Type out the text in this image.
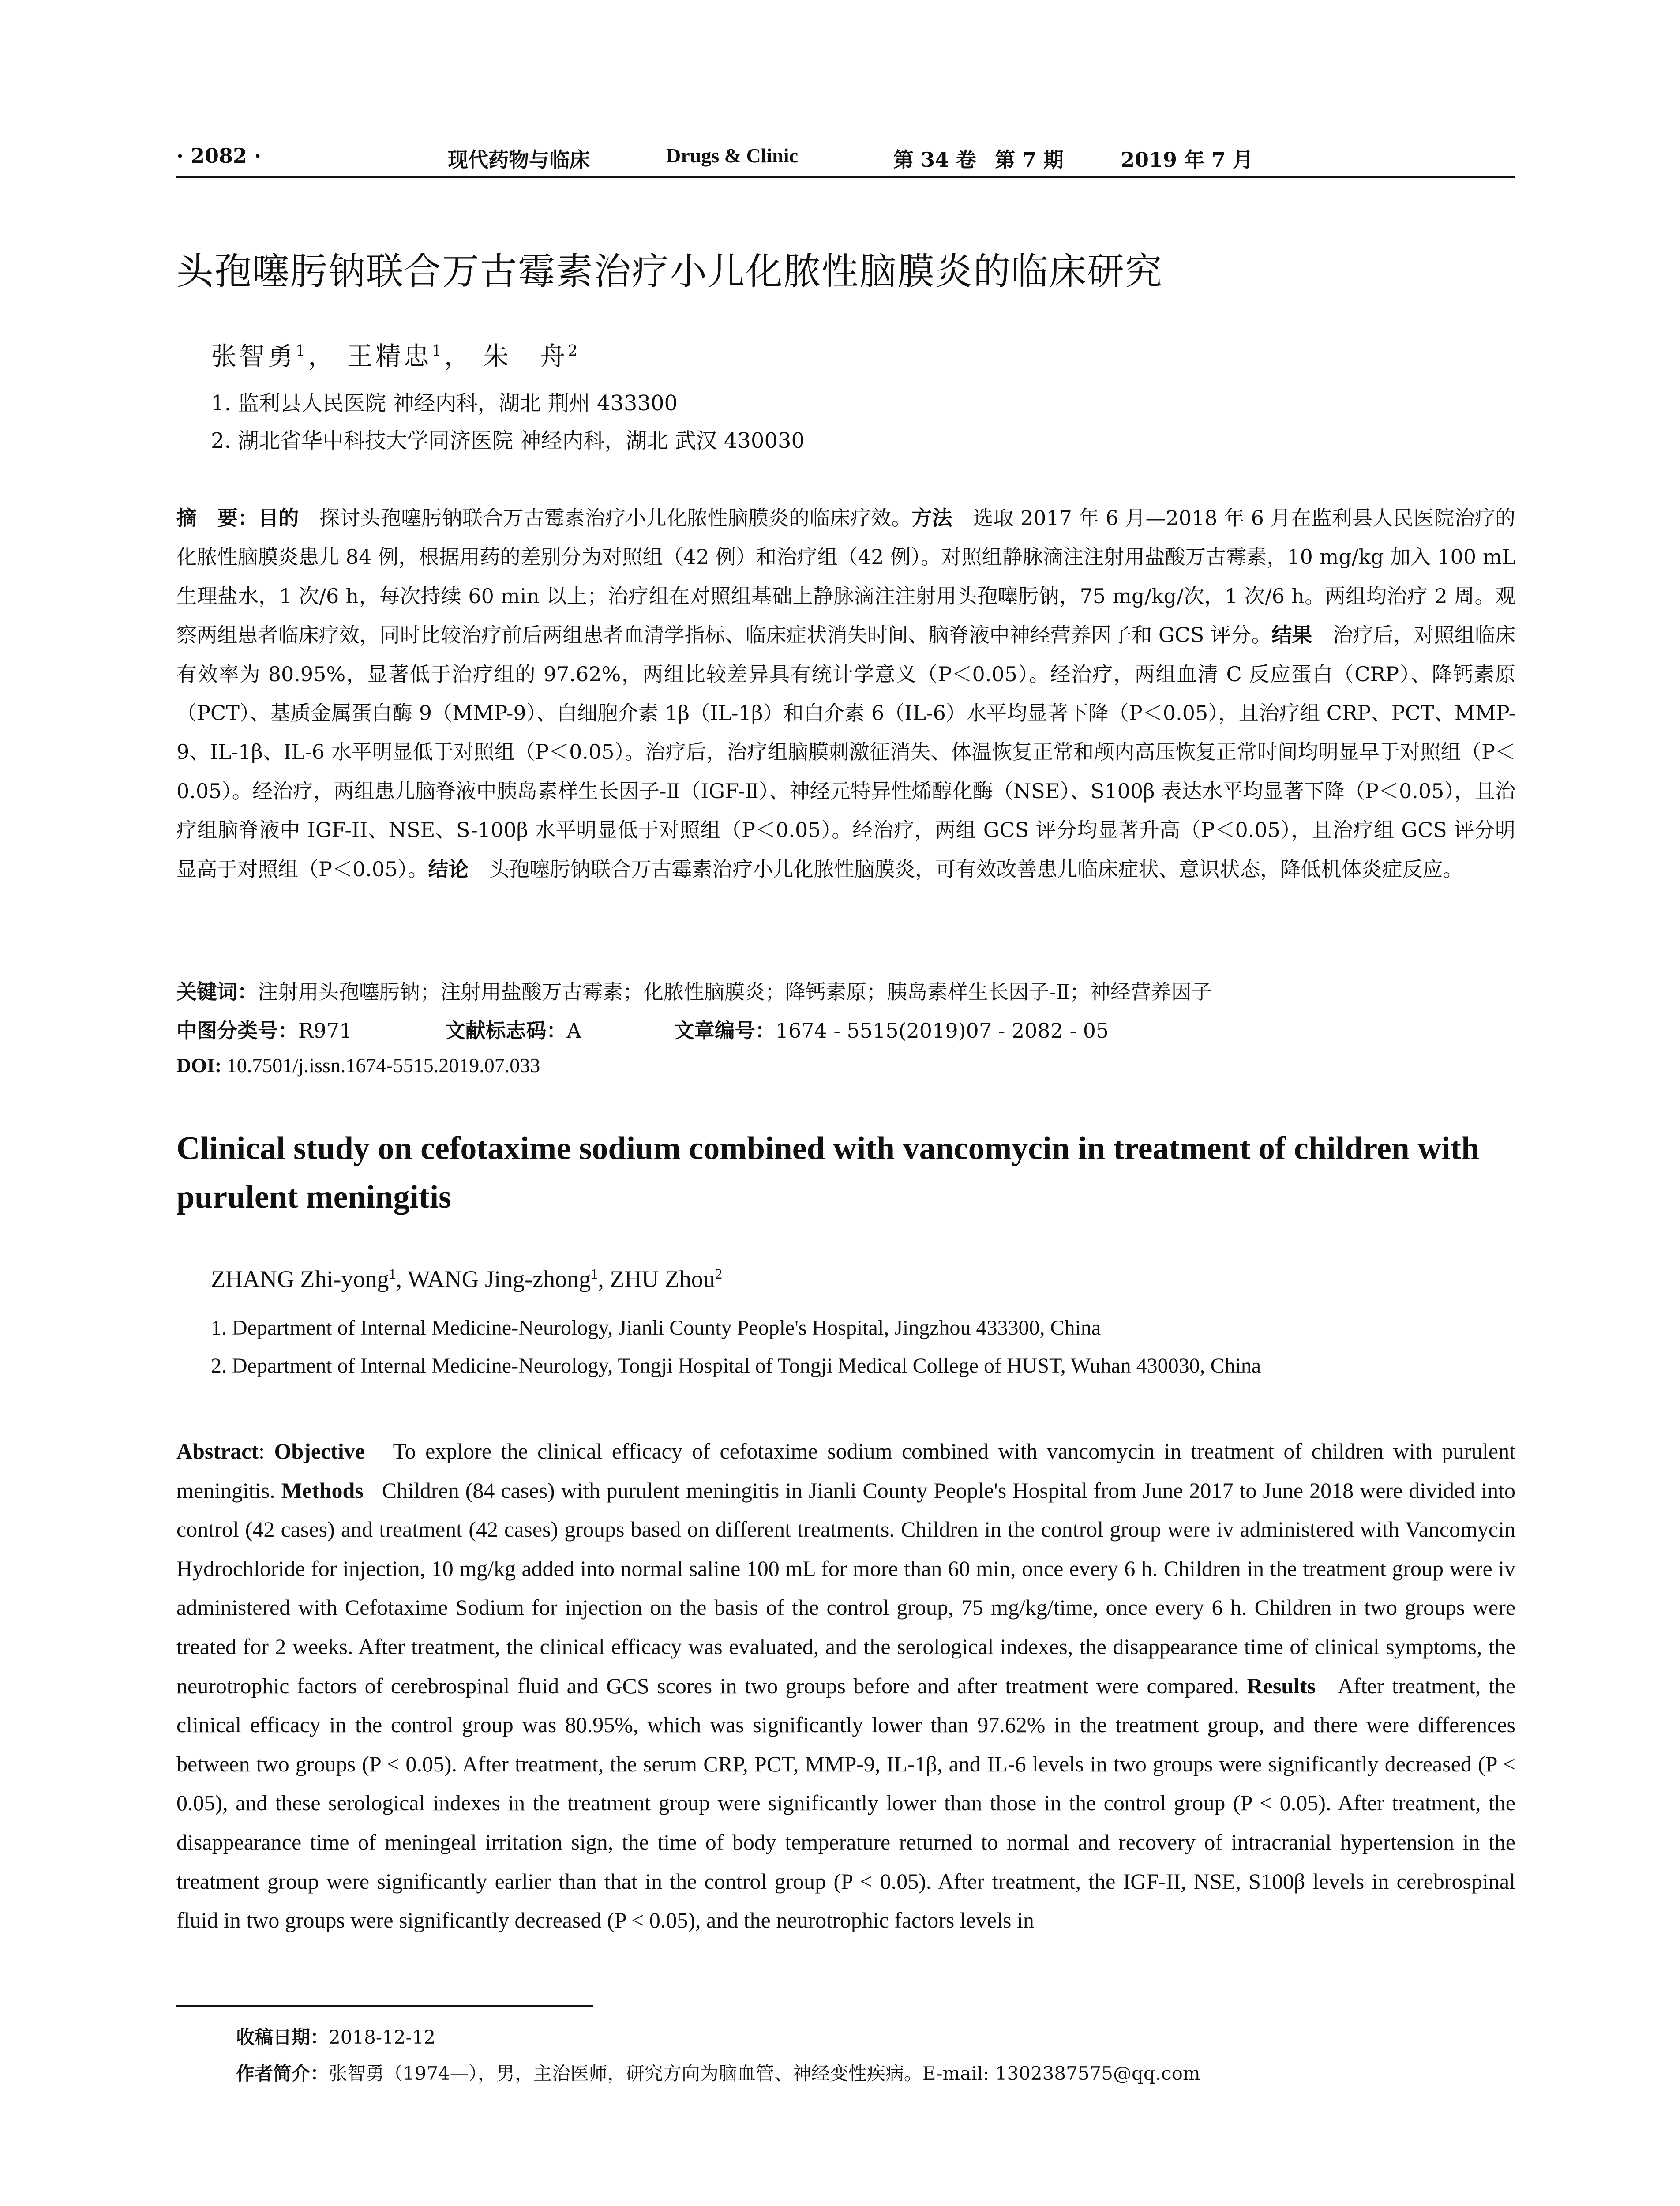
· 2082 ·	现代药物与临床	Drugs & Clinic	第 34 卷 第 7 期	2019 年 7 月
头孢噻肟钠联合万古霉素治疗小儿化脓性脑膜炎的临床研究
张智勇$^1$， 王精忠$^1$， 朱　舟$^2$
1. 监利县人民医院 神经内科，湖北 荆州 433300
2. 湖北省华中科技大学同济医院 神经内科，湖北 武汉 430030
摘　要：目的　 探讨头孢噻肟钠联合万古霉素治疗小儿化脓性脑膜炎的临床疗效。方法　 选取 2017 年 6 月—2018 年 6 月在监利县人民医院治疗的化脓性脑膜炎患儿 84 例，根据用药的差别分为对照组（42 例）和治疗组（42 例）。对照组静脉滴注注射用盐酸万古霉素，10 mg/kg 加入 100 mL 生理盐水，1 次/6 h，每次持续 60 min 以上；治疗组在对照组基础上静脉滴注注射用头孢噻肟钠，75 mg/kg/次，1 次/6 h。两组均治疗 2 周。观察两组患者临床疗效，同时比较治疗前后两组患者血清学指标、临床症状消失时间、脑脊液中神经营养因子和 GCS 评分。结果　 治疗后，对照组临床有效率为 80.95%，显著低于治疗组的 97.62%，两组比较差异具有统计学意义（P＜0.05）。经治疗，两组血清 C 反应蛋白（CRP）、降钙素原（PCT）、基质金属蛋白酶 9（MMP-9）、白细胞介素 1β（IL-1β）和白介素 6（IL-6）水平均显著下降（P＜0.05），且治疗组 CRP、PCT、MMP-9、IL-1β、IL-6 水平明显低于对照组（P＜0.05）。治疗后，治疗组脑膜刺激征消失、体温恢复正常和颅内高压恢复正常时间均明显早于对照组（P＜0.05）。经治疗，两组患儿脑脊液中胰岛素样生长因子-Ⅱ（IGF-Ⅱ）、神经元特异性烯醇化酶（NSE）、S100β 表达水平均显著下降（P＜0.05），且治疗组脑脊液中 IGF-II、NSE、S-100β 水平明显低于对照组（P＜0.05）。经治疗，两组 GCS 评分均显著升高（P＜0.05），且治疗组 GCS 评分明显高于对照组（P＜0.05）。结论　 头孢噻肟钠联合万古霉素治疗小儿化脓性脑膜炎，可有效改善患儿临床症状、意识状态，降低机体炎症反应。
关键词：注射用头孢噻肟钠；注射用盐酸万古霉素；化脓性脑膜炎；降钙素原；胰岛素样生长因子-Ⅱ；神经营养因子
中图分类号：R971	文献标志码：A	文章编号：1674 - 5515(2019)07 - 2082 - 05
DOI: 10.7501/j.issn.1674-5515.2019.07.033
Clinical study on cefotaxime sodium combined with vancomycin in treatment of children with purulent meningitis
ZHANG Zhi-yong$^1$, WANG Jing-zhong$^1$, ZHU Zhou$^2$
1. Department of Internal Medicine-Neurology, Jianli County People's Hospital, Jingzhou 433300, China
2. Department of Internal Medicine-Neurology, Tongji Hospital of Tongji Medical College of HUST, Wuhan 430030, China
Abstract: Objective To explore the clinical efficacy of cefotaxime sodium combined with vancomycin in treatment of children with purulent meningitis. Methods Children (84 cases) with purulent meningitis in Jianli County People's Hospital from June 2017 to June 2018 were divided into control (42 cases) and treatment (42 cases) groups based on different treatments. Children in the control group were iv administered with Vancomycin Hydrochloride for injection, 10 mg/kg added into normal saline 100 mL for more than 60 min, once every 6 h. Children in the treatment group were iv administered with Cefotaxime Sodium for injection on the basis of the control group, 75 mg/kg/time, once every 6 h. Children in two groups were treated for 2 weeks. After treatment, the clinical efficacy was evaluated, and the serological indexes, the disappearance time of clinical symptoms, the neurotrophic factors of cerebrospinal fluid and GCS scores in two groups before and after treatment were compared. Results After treatment, the clinical efficacy in the control group was 80.95%, which was significantly lower than 97.62% in the treatment group, and there were differences between two groups (P < 0.05). After treatment, the serum CRP, PCT, MMP-9, IL-1β, and IL-6 levels in two groups were significantly decreased (P < 0.05), and these serological indexes in the treatment group were significantly lower than those in the control group (P < 0.05). After treatment, the disappearance time of meningeal irritation sign, the time of body temperature returned to normal and recovery of intracranial hypertension in the treatment group were significantly earlier than that in the control group (P < 0.05). After treatment, the IGF-II, NSE, S100β levels in cerebrospinal fluid in two groups were significantly decreased (P < 0.05), and the neurotrophic factors levels in
收稿日期：2018-12-12
作者简介：张智勇（1974—），男，主治医师，研究方向为脑血管、神经变性疾病。E-mail: 1302387575@qq.com
